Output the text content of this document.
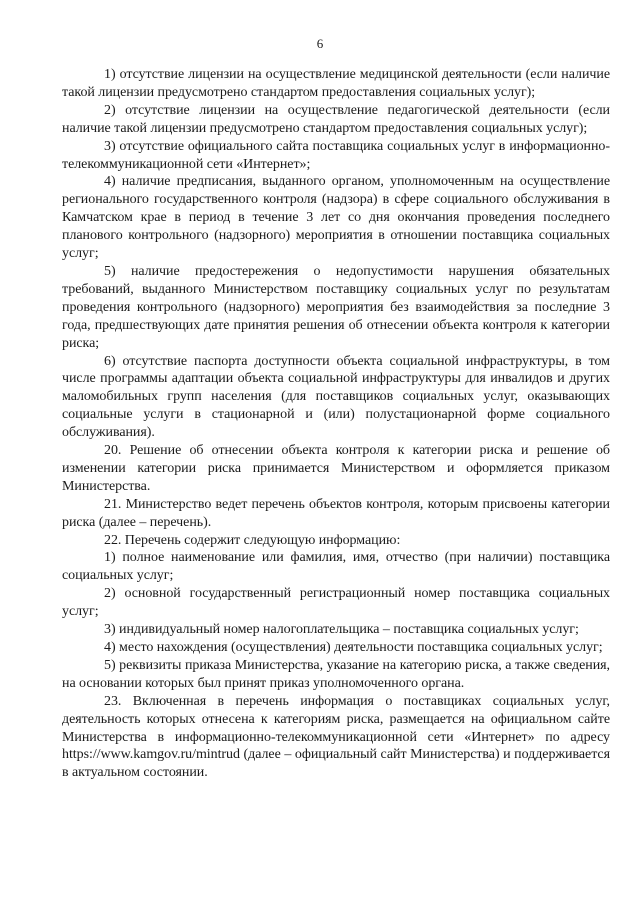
6

1) отсутствие лицензии на осуществление медицинской деятельности (если наличие такой лицензии предусмотрено стандартом предоставления социальных услуг);

2) отсутствие лицензии на осуществление педагогической деятельности (если наличие такой лицензии предусмотрено стандартом предоставления социальных услуг);

3) отсутствие официального сайта поставщика социальных услуг в информационно-телекоммуникационной сети «Интернет»;

4) наличие предписания, выданного органом, уполномоченным на осуществление регионального государственного контроля (надзора) в сфере социального обслуживания в Камчатском крае в период в течение 3 лет со дня окончания проведения последнего планового контрольного (надзорного) мероприятия в отношении поставщика социальных услуг;

5) наличие предостережения о недопустимости нарушения обязательных требований, выданного Министерством поставщику социальных услуг по результатам проведения контрольного (надзорного) мероприятия без взаимодействия за последние 3 года, предшествующих дате принятия решения об отнесении объекта контроля к категории риска;

6) отсутствие паспорта доступности объекта социальной инфраструктуры, в том числе программы адаптации объекта социальной инфраструктуры для инвалидов и других маломобильных групп населения (для поставщиков социальных услуг, оказывающих социальные услуги в стационарной и (или) полустационарной форме социального обслуживания).

20. Решение об отнесении объекта контроля к категории риска и решение об изменении категории риска принимается Министерством и оформляется приказом Министерства.

21. Министерство ведет перечень объектов контроля, которым присвоены категории риска (далее – перечень).

22. Перечень содержит следующую информацию:

1) полное наименование или фамилия, имя, отчество (при наличии) поставщика социальных услуг;

2) основной государственный регистрационный номер поставщика социальных услуг;

3) индивидуальный номер налогоплательщика – поставщика социальных услуг;

4) место нахождения (осуществления) деятельности поставщика социальных услуг;

5) реквизиты приказа Министерства, указание на категорию риска, а также сведения, на основании которых был принят приказ уполномоченного органа.

23. Включенная в перечень информация о поставщиках социальных услуг, деятельность которых отнесена к категориям риска, размещается на официальном сайте Министерства в информационно-телекоммуникационной сети «Интернет» по адресу https://www.kamgov.ru/mintrud (далее – официальный сайт Министерства) и поддерживается в актуальном состоянии.
